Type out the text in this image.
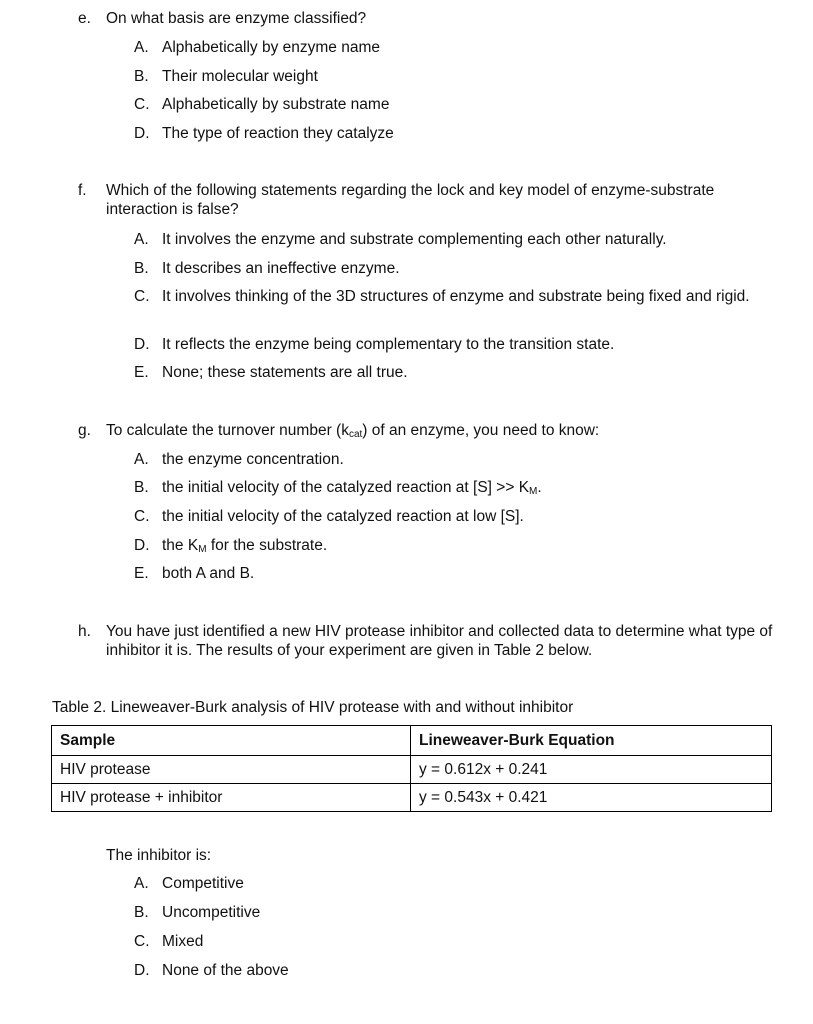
e. On what basis are enzyme classified?
A. Alphabetically by enzyme name
B. Their molecular weight
C. Alphabetically by substrate name
D. The type of reaction they catalyze
f.	Which of the following statements regarding the lock and key model of enzyme-substrate interaction is false?
A. It involves the enzyme and substrate complementing each other naturally.
B. It describes an ineffective enzyme.
C. It involves thinking of the 3D structures of enzyme and substrate being fixed and rigid.
D. It reflects the enzyme being complementary to the transition state.
E. None; these statements are all true.
g. To calculate the turnover number $(k_{cat})$ of an enzyme, you need to know:
A. the enzyme concentration.
B. the initial velocity of the catalyzed reaction at $[S] >> K_M$.
C. the initial velocity of the catalyzed reaction at low [S].
D. the $K_M$ for the substrate.
E. both A and B.
h. You have just identified a new HIV protease inhibitor and collected data to determine what type of inhibitor it is. The results of your experiment are given in Table 2 below.
Table 2. Lineweaver-Burk analysis of HIV protease with and without inhibitor
Sample	Lineweaver-Burk Equation
HIV protease	y = 0.612x + 0.241
HIV protease + inhibitor	y = 0.543x + 0.421
The inhibitor is:
A. Competitive
B. Uncompetitive
C. Mixed
D. None of the above
